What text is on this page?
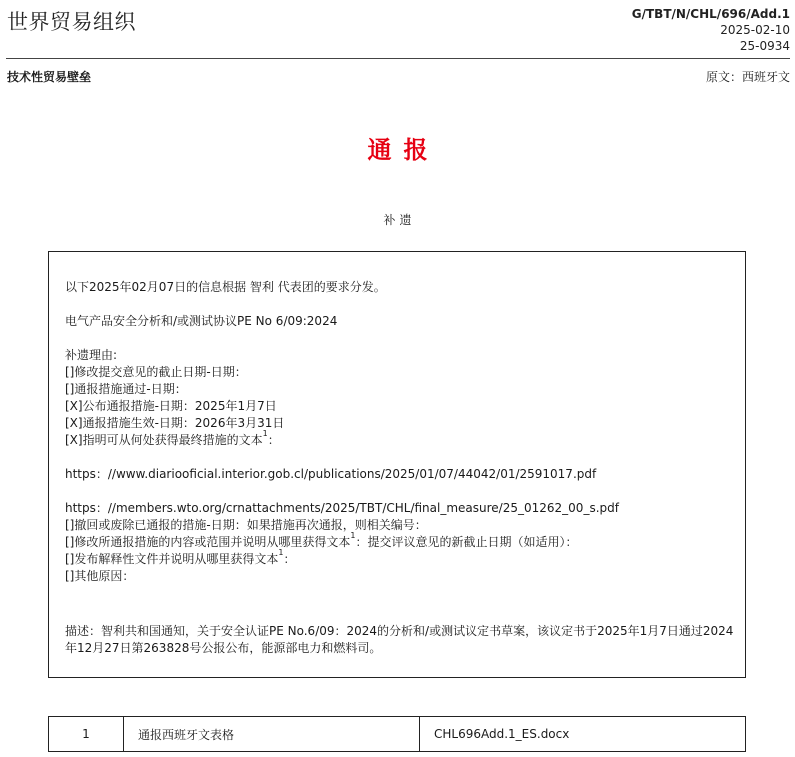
世界贸易组织	G/TBT/N/CHL/696/Add.1
2025-02-10
25-0934
技术性贸易壁垒	原文：西班牙文
通报
补遗
以下2025年02月07日的信息根据 智利 代表团的要求分发。
电气产品安全分析和/或测试协议PE No 6/09:2024
补遗理由:
[]修改提交意见的截止日期-日期：
[]通报措施通过-日期：
[X]公布通报措施-日期：2025年1月7日
[X]通报措施生效-日期：2026年3月31日
[X]指明可从何处获得最终措施的文本$^1$：
https：//www.diariooficial.interior.gob.cl/publications/2025/01/07/44042/01/2591017.pdf
https：//members.wto.org/crnattachments/2025/TBT/CHL/final_measure/25_01262_00_s.pdf
[]撤回或废除已通报的措施-日期：如果措施再次通报，则相关编号：
[]修改所通报措施的内容或范围并说明从哪里获得文本$^1$：提交评议意见的新截止日期（如适用）：
[]发布解释性文件并说明从哪里获得文本$^1$：
[]其他原因：
描述：智利共和国通知，关于安全认证PE No.6/09：2024的分析和/或测试议定书草案，该议定书于2025年1月7日通过2024年12月27日第263828号公报公布，能源部电力和燃料司。
1	通报西班牙文表格	CHL696Add.1_ES.docx
